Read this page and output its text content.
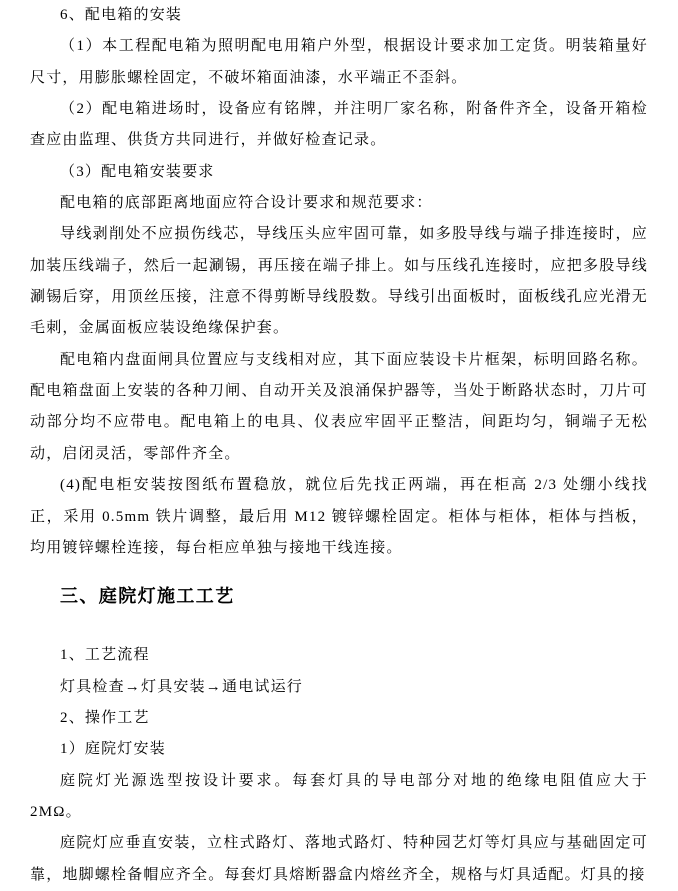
6、配电箱的安装

（1）本工程配电箱为照明配电用箱户外型，根据设计要求加工定货。明装箱量好尺寸，用膨胀螺栓固定，不破坏箱面油漆，水平端正不歪斜。

（2）配电箱进场时，设备应有铭牌，并注明厂家名称，附备件齐全，设备开箱检查应由监理、供货方共同进行，并做好检查记录。

（3）配电箱安装要求

配电箱的底部距离地面应符合设计要求和规范要求：

导线剥削处不应损伤线芯，导线压头应牢固可靠，如多股导线与端子排连接时，应加装压线端子，然后一起涮锡，再压接在端子排上。如与压线孔连接时，应把多股导线涮锡后穿，用顶丝压接，注意不得剪断导线股数。导线引出面板时，面板线孔应光滑无毛刺，金属面板应装设绝缘保护套。

配电箱内盘面闸具位置应与支线相对应，其下面应装设卡片框架，标明回路名称。配电箱盘面上安装的各种刀闸、自动开关及浪涌保护器等，当处于断路状态时，刀片可动部分均不应带电。配电箱上的电具、仪表应牢固平正整洁，间距均匀，铜端子无松动，启闭灵活，零部件齐全。

(4)配电柜安装按图纸布置稳放，就位后先找正两端，再在柜高 2/3 处绷小线找正，采用 0.5mm 铁片调整，最后用 M12 镀锌螺栓固定。柜体与柜体，柜体与挡板，均用镀锌螺栓连接，每台柜应单独与接地干线连接。

三、庭院灯施工工艺

1、工艺流程

灯具检查→灯具安装→通电试运行

2、操作工艺

1）庭院灯安装

庭院灯光源选型按设计要求。每套灯具的导电部分对地的绝缘电阻值应大于 2MΩ。

庭院灯应垂直安装，立柱式路灯、落地式路灯、特种园艺灯等灯具应与基础固定可靠，地脚螺栓备帽应齐全。每套灯具熔断器盒内熔丝齐全，规格与灯具适配。灯具的接
